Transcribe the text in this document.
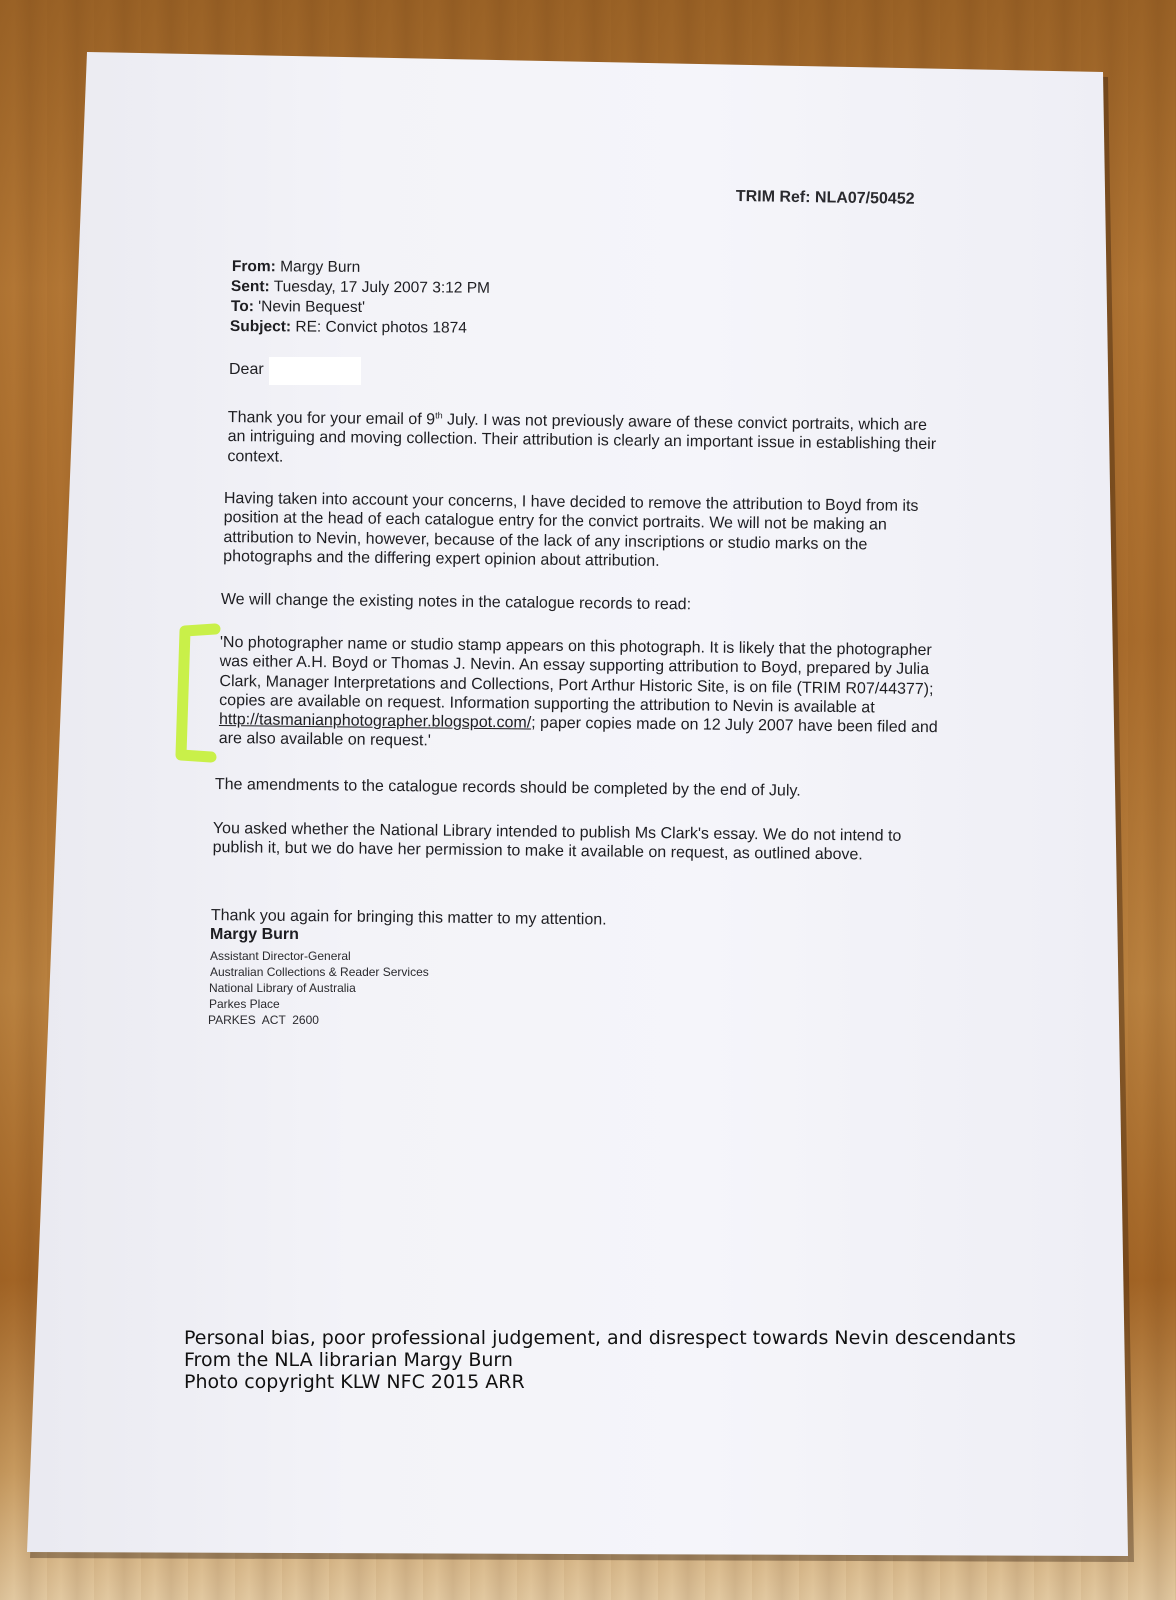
TRIM Ref: NLA07/50452
From: Margy Burn
Sent: Tuesday, 17 July 2007 3:12 PM
To: 'Nevin Bequest'
Subject: RE: Convict photos 1874
Dear
Thank you for your email of 9th July. I was not previously aware of these convict portraits, which are an intriguing and moving collection. Their attribution is clearly an important issue in establishing their context.
Having taken into account your concerns, I have decided to remove the attribution to Boyd from its position at the head of each catalogue entry for the convict portraits. We will not be making an attribution to Nevin, however, because of the lack of any inscriptions or studio marks on the photographs and the differing expert opinion about attribution.
We will change the existing notes in the catalogue records to read:
'No photographer name or studio stamp appears on this photograph. It is likely that the photographer was either A.H. Boyd or Thomas J. Nevin. An essay supporting attribution to Boyd, prepared by Julia Clark, Manager Interpretations and Collections, Port Arthur Historic Site, is on file (TRIM R07/44377); copies are available on request. Information supporting the attribution to Nevin is available at http://tasmanianphotographer.blogspot.com/; paper copies made on 12 July 2007 have been filed and are also available on request.'
The amendments to the catalogue records should be completed by the end of July.
You asked whether the National Library intended to publish Ms Clark's essay. We do not intend to publish it, but we do have her permission to make it available on request, as outlined above.
Thank you again for bringing this matter to my attention.
Margy Burn
Assistant Director-General
Australian Collections & Reader Services
National Library of Australia
Parkes Place
PARKES  ACT  2600
Personal bias, poor professional judgement, and disrespect towards Nevin descendants
From the NLA librarian Margy Burn
Photo copyright KLW NFC 2015 ARR
